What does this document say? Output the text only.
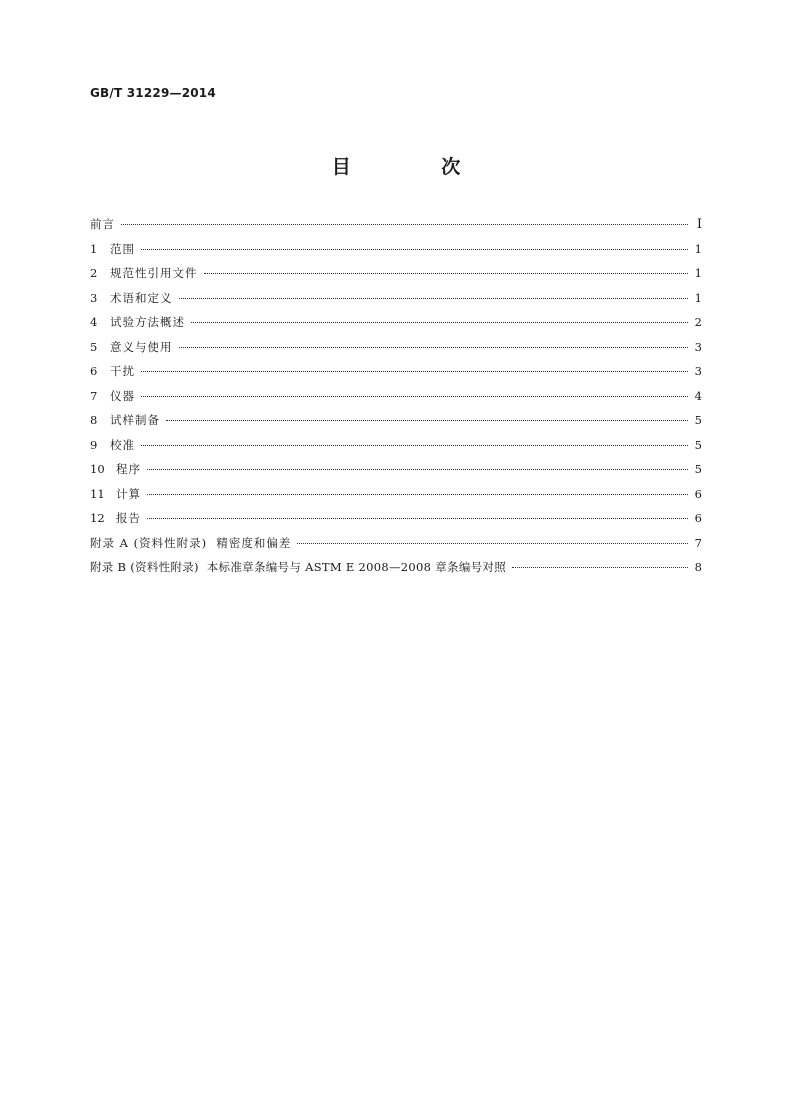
GB/T 31229—2014
目 次
前言	Ⅰ
1	范围	1
2	规范性引用文件	1
3	术语和定义	1
4	试验方法概述	2
5	意义与使用	3
6	干扰	3
7	仪器	4
8	试样制备	5
9	校准	5
10 程序	5
11 计算	6
12 报告	6
附录 A (资料性附录)  精密度和偏差	7
附录 B (资料性附录)  本标准章条编号与 ASTM E 2008—2008 章条编号对照	8
